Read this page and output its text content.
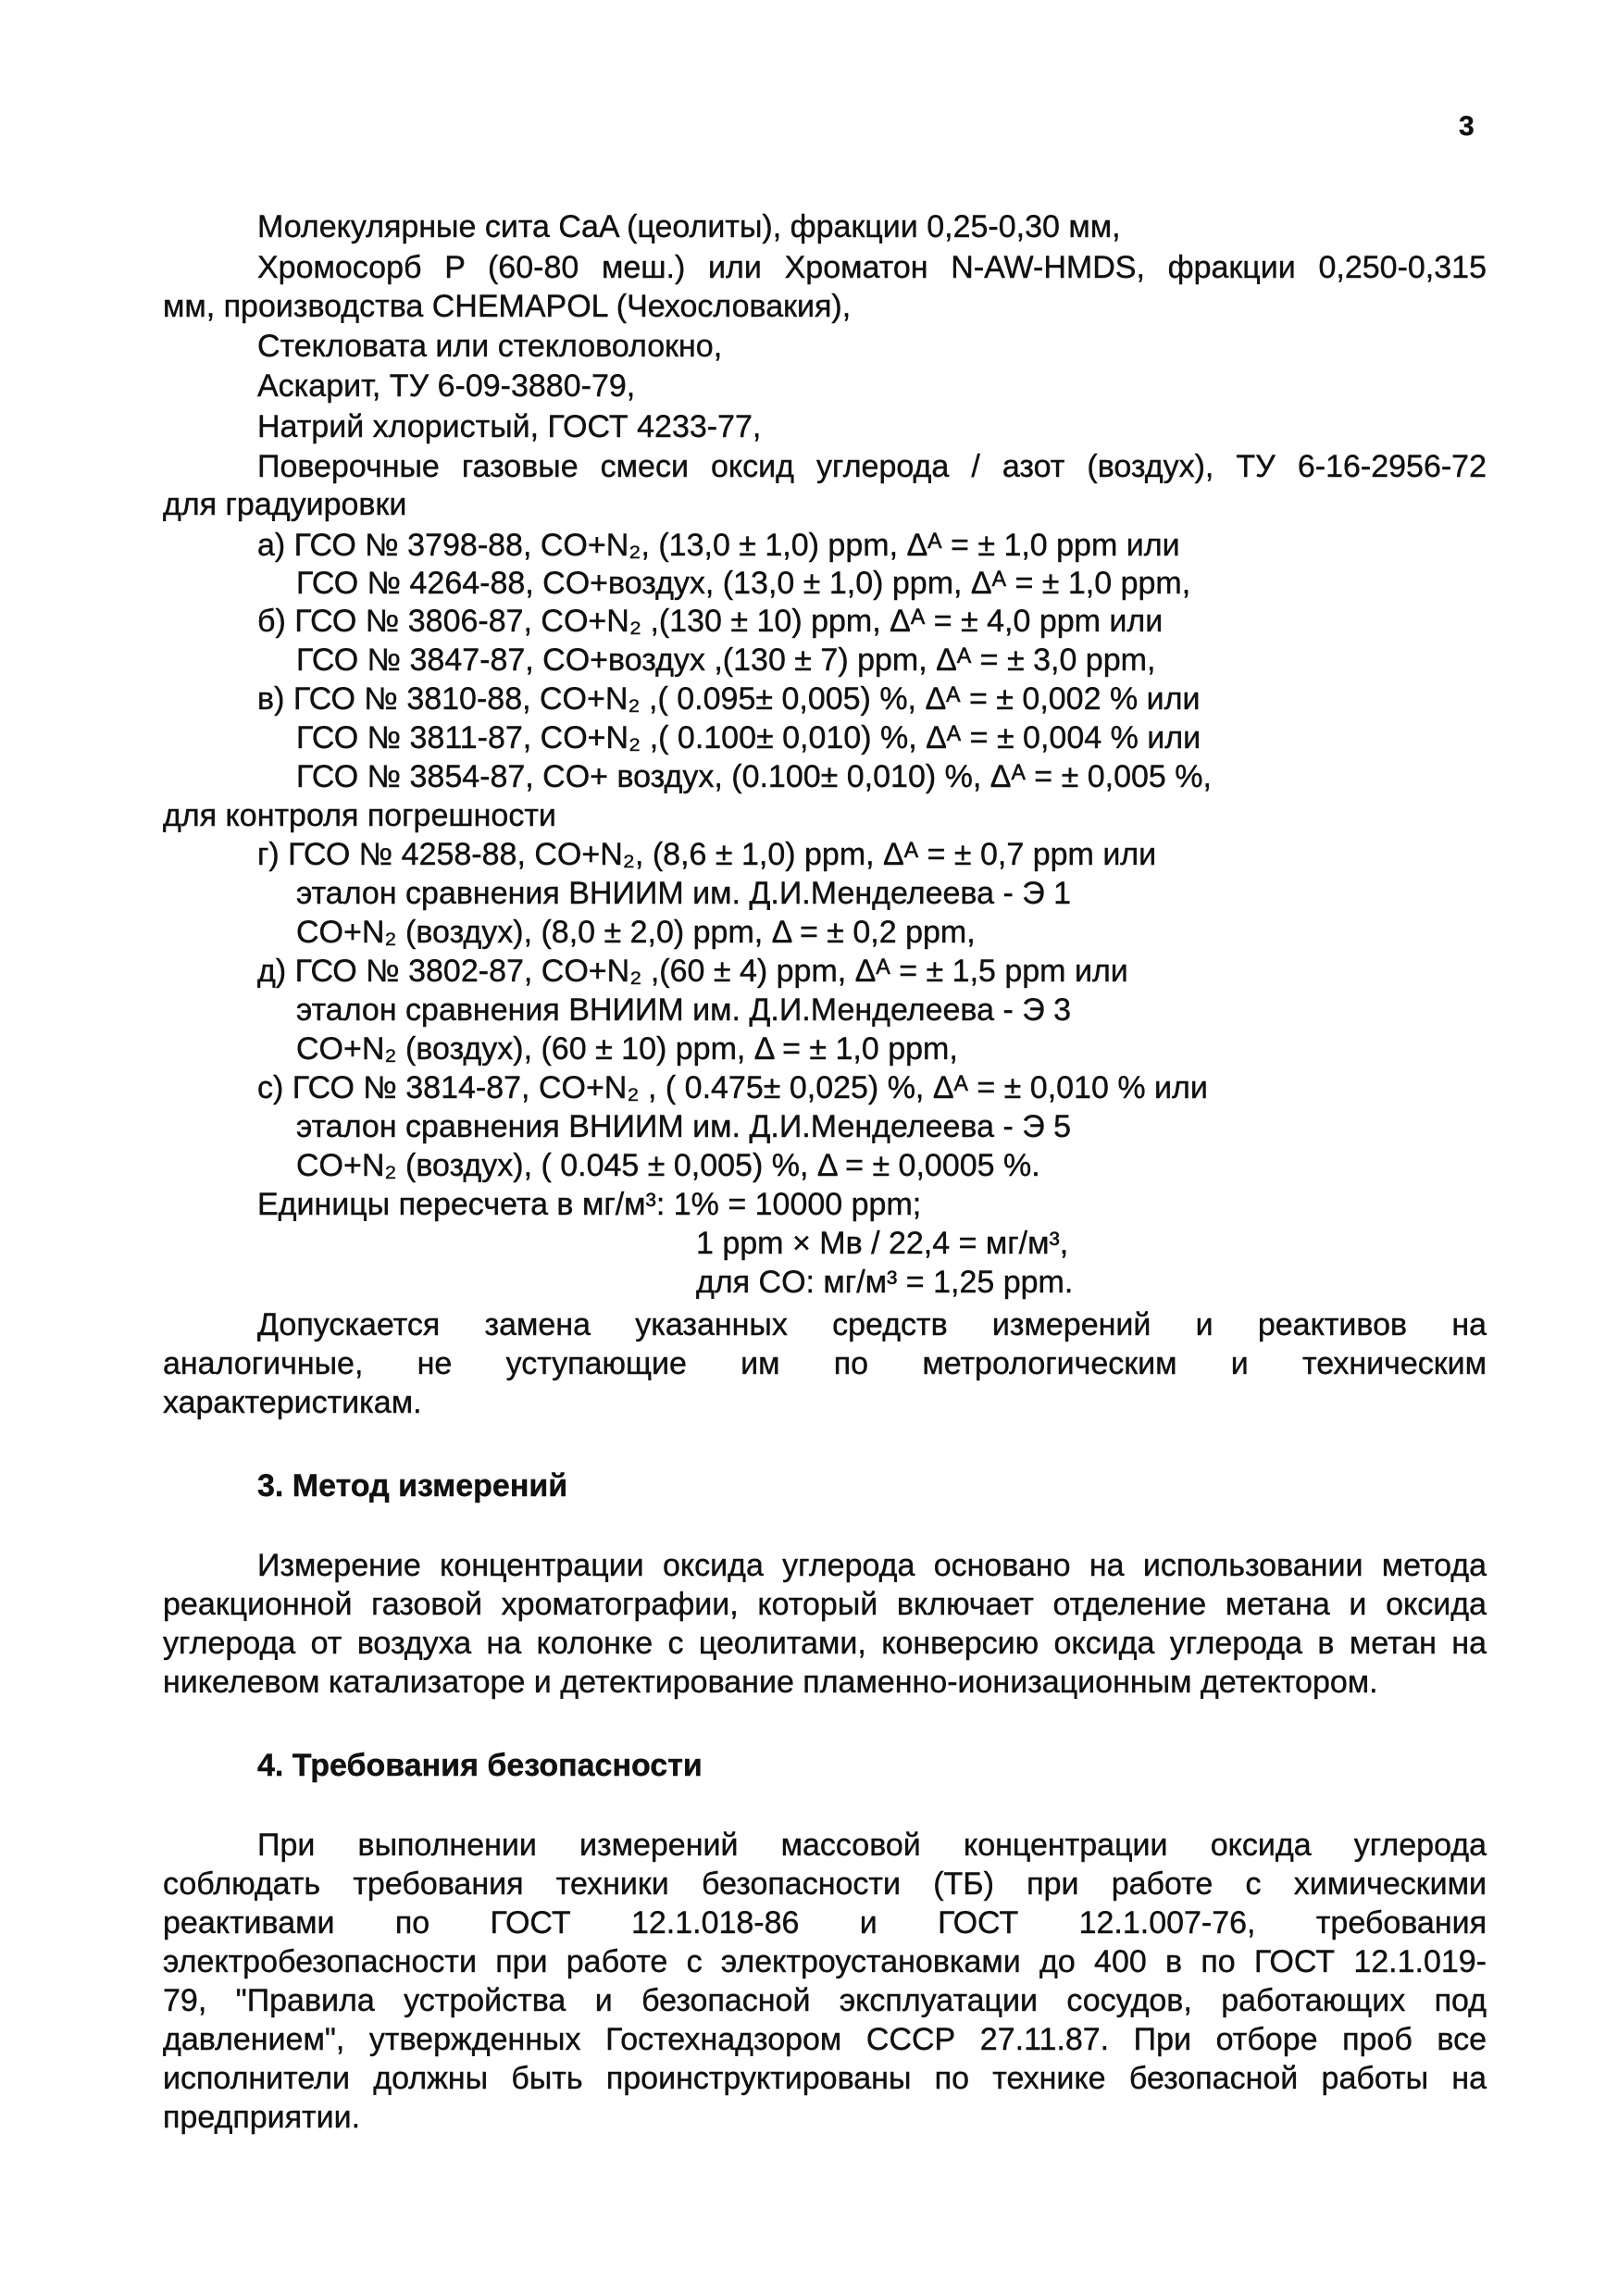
3
Молекулярные сита CaA (цеолиты), фракции 0,25-0,30 мм,
Хромосорб P (60-80 меш.) или Хроматон N-AW-HMDS, фракции 0,250-0,315
мм, производства CHEMAPOL (Чехословакия),
Стекловата или стекловолокно,
Аскарит, ТУ 6-09-3880-79,
Натрий хлористый, ГОСТ 4233-77,
Поверочные газовые смеси оксид углерода / азот (воздух), ТУ 6-16-2956-72
для градуировки
а) ГСО № 3798-88, CO+N₂, (13,0 ± 1,0) ppm, Δᴬ = ± 1,0 ppm или
ГСО № 4264-88, CO+воздух, (13,0 ± 1,0) ppm, Δᴬ = ± 1,0 ppm,
б) ГСО № 3806-87, CO+N₂ ,(130 ± 10) ppm, Δᴬ = ± 4,0 ppm или
ГСО № 3847-87, CO+воздух ,(130 ± 7) ppm, Δᴬ = ± 3,0 ppm,
в) ГСО № 3810-88, CO+N₂ ,( 0.095± 0,005) %, Δᴬ = ± 0,002 % или
ГСО № 3811-87, CO+N₂ ,( 0.100± 0,010) %, Δᴬ = ± 0,004 % или
ГСО № 3854-87, CO+ воздух, (0.100± 0,010) %, Δᴬ = ± 0,005 %,
для контроля погрешности
г) ГСО № 4258-88, CO+N₂, (8,6 ± 1,0) ppm, Δᴬ = ± 0,7 ppm или
эталон сравнения ВНИИМ им. Д.И.Менделеева - Э 1
CO+N₂ (воздух), (8,0 ± 2,0) ppm, Δ = ± 0,2 ppm,
д) ГСО № 3802-87, CO+N₂ ,(60 ± 4) ppm, Δᴬ = ± 1,5 ppm или
эталон сравнения ВНИИМ им. Д.И.Менделеева - Э 3
CO+N₂ (воздух), (60 ± 10) ppm, Δ = ± 1,0 ppm,
с) ГСО № 3814-87, CO+N₂ , ( 0.475± 0,025) %, Δᴬ = ± 0,010 % или
эталон сравнения ВНИИМ им. Д.И.Менделеева - Э 5
CO+N₂ (воздух), ( 0.045 ± 0,005) %, Δ = ± 0,0005 %.
Единицы пересчета в мг/м³: 1% = 10000 ppm;
1 ppm × Mв / 22,4 = мг/м³,
для CO: мг/м³ = 1,25 ppm.
Допускается замена указанных средств измерений и реактивов на
аналогичные, не уступающие им по метрологическим и техническим
характеристикам.
3. Метод измерений
Измерение концентрации оксида углерода основано на использовании метода
реакционной газовой хроматографии, который включает отделение метана и оксида
углерода от воздуха на колонке с цеолитами, конверсию оксида углерода в метан на
никелевом катализаторе и детектирование пламенно-ионизационным детектором.
4. Требования безопасности
При выполнении измерений массовой концентрации оксида углерода
соблюдать требования техники безопасности (ТБ) при работе с химическими
реактивами по ГОСТ 12.1.018-86 и ГОСТ 12.1.007-76, требования
электробезопасности при работе с электроустановками до 400 в по ГОСТ 12.1.019-
79, "Правила устройства и безопасной эксплуатации сосудов, работающих под
давлением", утвержденных Гостехнадзором СССР 27.11.87. При отборе проб все
исполнители должны быть проинструктированы по технике безопасной работы на
предприятии.
